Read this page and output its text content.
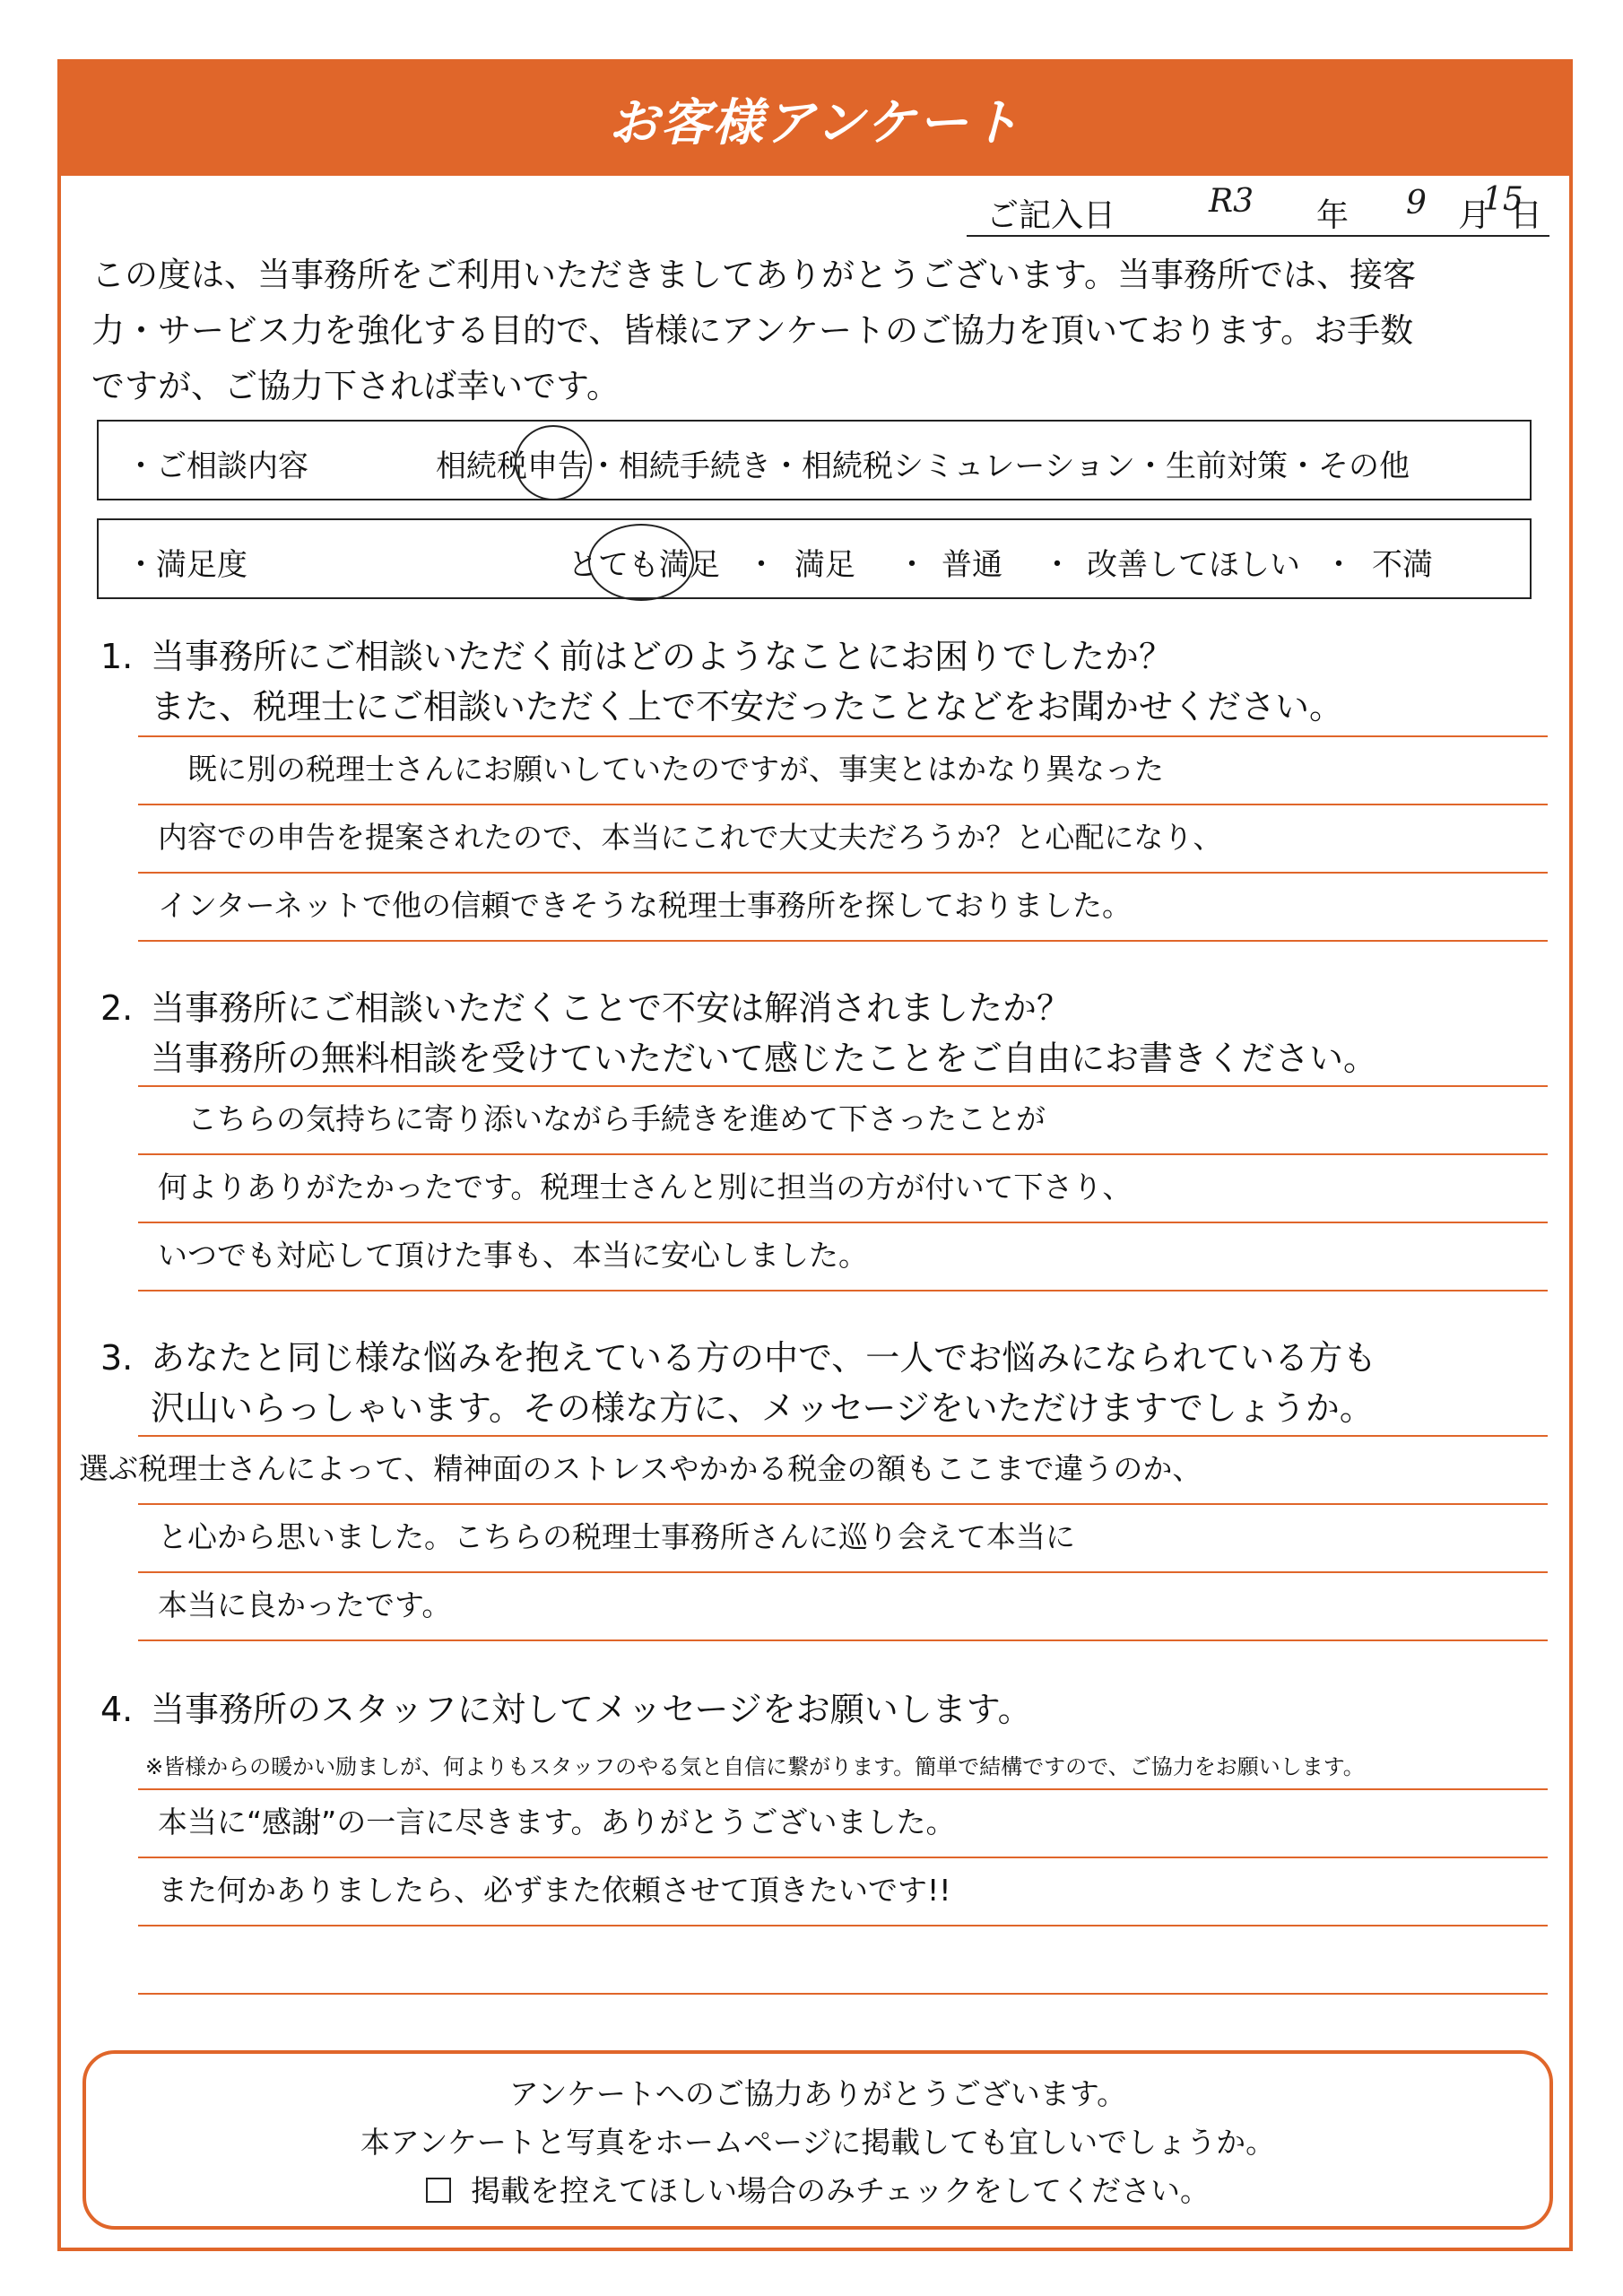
お客様アンケート
ご記入日	R3 年 9 月
15
日
この度は、当事務所をご利用いただきましてありがとうございます。当事務所では、接客
力・サービス力を強化する目的で、皆様にアンケートのご協力を頂いております。お手数
ですが、ご協力下されば幸いです。
・ご相談内容	相続税申告・相続手続き・相続税シミュレーション・生前対策・その他
・満足度	とても満足 ・ 満足 ・ 普通 ・ 改善してほしい ・ 不満
1. 当事務所にご相談いただく前はどのようなことにお困りでしたか？
また、税理士にご相談いただく上で不安だったことなどをお聞かせください。
　既に別の税理士さんにお願いしていたのですが、事実とはかなり異なった
内容での申告を提案されたので、本当にこれで大丈夫だろうか？と心配になり、
インターネットで他の信頼できそうな税理士事務所を探しておりました。
2. 当事務所にご相談いただくことで不安は解消されましたか？
当事務所の無料相談を受けていただいて感じたことをご自由にお書きください。
　こちらの気持ちに寄り添いながら手続きを進めて下さったことが
何よりありがたかったです。税理士さんと別に担当の方が付いて下さり、
いつでも対応して頂けた事も、本当に安心しました。
3. あなたと同じ様な悩みを抱えている方の中で、一人でお悩みになられている方も
沢山いらっしゃいます。その様な方に、メッセージをいただけますでしょうか。
選ぶ税理士さんによって、精神面のストレスやかかる税金の額もここまで違うのか、
と心から思いました。こちらの税理士事務所さんに巡り会えて本当に
本当に良かったです。
4. 当事務所のスタッフに対してメッセージをお願いします。
※皆様からの暖かい励ましが、何よりもスタッフのやる気と自信に繋がります。簡単で結構ですので、ご協力をお願いします。
本当に“感謝”の一言に尽きます。ありがとうございました。
また何かありましたら、必ずまた依頼させて頂きたいです!!
アンケートへのご協力ありがとうございます。
本アンケートと写真をホームページに掲載しても宜しいでしょうか。
掲載を控えてほしい場合のみチェックをしてください。
